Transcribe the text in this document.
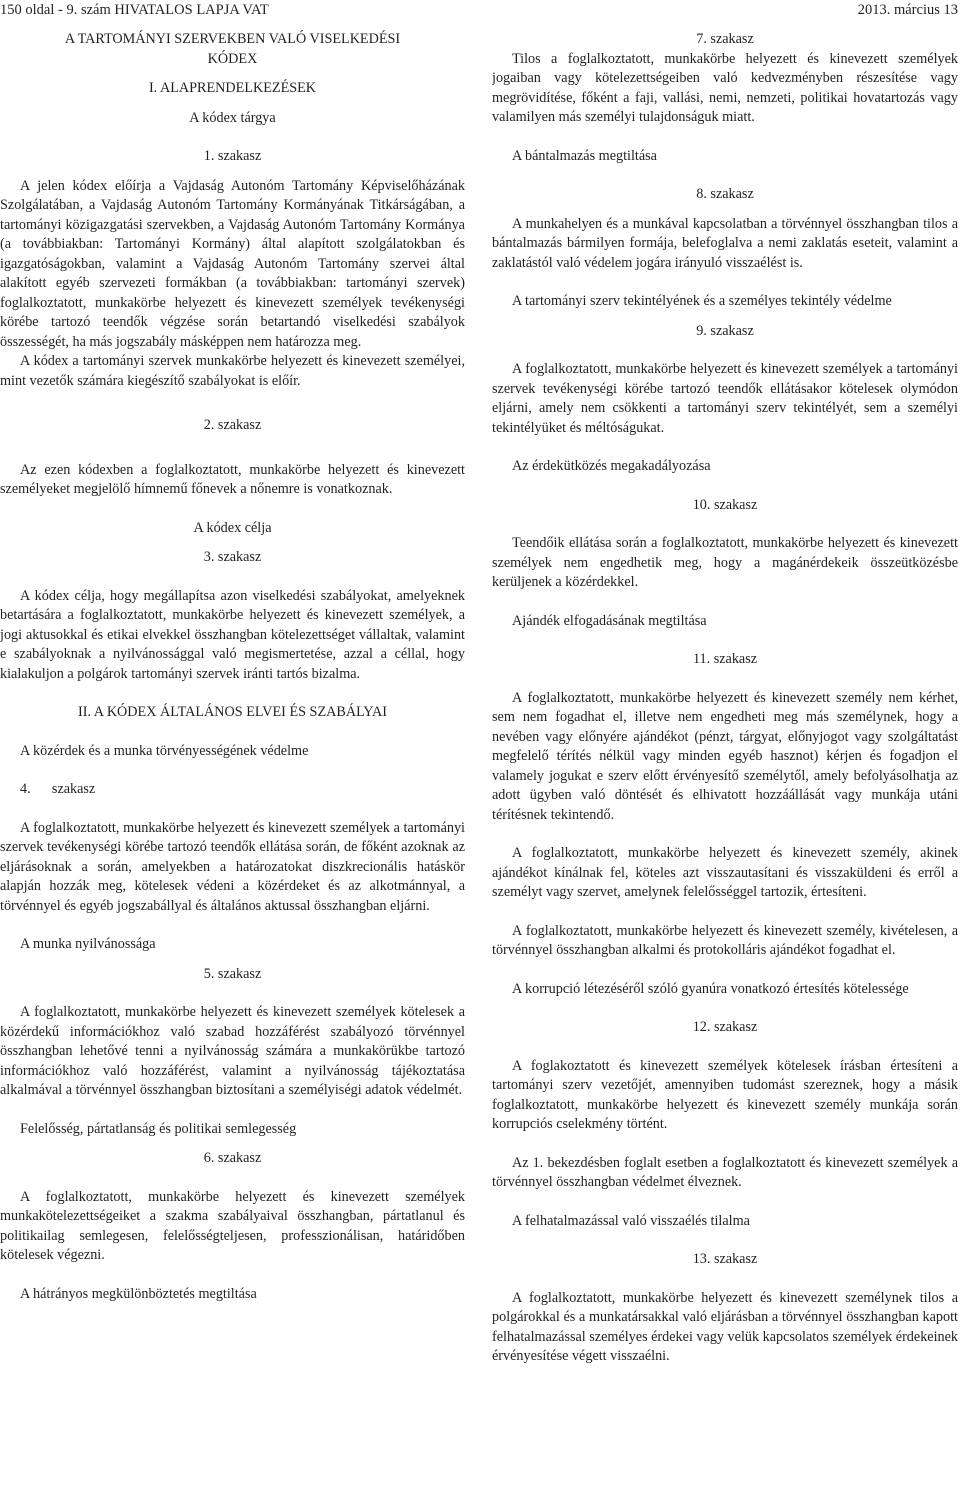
150 oldal - 9. szám HIVATALOS LAPJA VAT	2013. március 13
A TARTOMÁNYI SZERVEKBEN VALÓ VISELKEDÉSI
KÓDEX
I. ALAPRENDELKEZÉSEK
A kódex tárgya
1. szakasz

A jelen kódex előírja a Vajdaság Autonóm Tartomány Képviselőházának Szolgálatában, a Vajdaság Autonóm Tartomány Kormányának Titkárságában, a tartományi közigazgatási szervekben, a Vajdaság Autonóm Tartomány Kormánya (a továbbiakban: Tartományi Kormány) által alapított szolgálatokban és igazgatóságokban, valamint a Vajdaság Autonóm Tartomány szervei által alakított egyéb szervezeti formákban (a továbbiakban: tartományi szervek) foglalkoztatott, munkakörbe helyezett és kinevezett személyek tevékenységi körébe tartozó teendők végzése során betartandó viselkedési szabályok összességét, ha más jogszabály másképpen nem határozza meg.

A kódex a tartományi szervek munkakörbe helyezett és kinevezett személyei, mint vezetők számára kiegészítő szabályokat is előír.

2. szakasz

Az ezen kódexben a foglalkoztatott, munkakörbe helyezett és kinevezett személyeket megjelölő hímnemű főnevek a nőnemre is vonatkoznak.

A kódex célja
3. szakasz

A kódex célja, hogy megállapítsa azon viselkedési szabályokat, amelyeknek betartására a foglalkoztatott, munkakörbe helyezett és kinevezett személyek, a jogi aktusokkal és etikai elvekkel összhangban kötelezettséget vállaltak, valamint e szabályoknak a nyilvánossággal való megismertetése, azzal a céllal, hogy kialakuljon a polgárok tartományi szervek iránti tartós bizalma.

II. A KÓDEX ÁLTALÁNOS ELVEI ÉS SZABÁLYAI
A közérdek és a munka törvényességének védelme
4.      szakasz

A foglalkoztatott, munkakörbe helyezett és kinevezett személyek a tartományi szervek tevékenységi körébe tartozó teendők ellátása során, de főként azoknak az eljárásoknak a során, amelyekben a határozatokat diszkrecionális hatáskör alapján hozzák meg, kötelesek védeni a közérdeket és az alkotmánnyal, a törvénnyel és egyéb jogszabállyal és általános aktussal összhangban eljárni.

A munka nyilvánossága
5. szakasz

A foglalkoztatott, munkakörbe helyezett és kinevezett személyek kötelesek a közérdekű információkhoz való szabad hozzáférést szabályozó törvénnyel összhangban lehetővé tenni a nyilvánosság számára a munkakörükbe tartozó információkhoz való hozzáférést, valamint a nyilvánosság tájékoztatása alkalmával a törvénnyel összhangban biztosítani a személyiségi adatok védelmét.

Felelősség, pártatlanság és politikai semlegesség
6. szakasz

A foglalkoztatott, munkakörbe helyezett és kinevezett személyek munkakötelezettségeiket a szakma szabályaival összhangban, pártatlanul és politikailag semlegesen, felelősségteljesen, professzionálisan, határidőben kötelesek végezni.

A hátrányos megkülönböztetés megtiltása
7. szakasz

Tilos a foglalkoztatott, munkakörbe helyezett és kinevezett személyek jogaiban vagy kötelezettségeiben való kedvezményben részesítése vagy megrövidítése, főként a faji, vallási, nemi, nemzeti, politikai hovatartozás vagy valamilyen más személyi tulajdonságuk miatt.

A bántalmazás megtiltása
8. szakasz

A munkahelyen és a munkával kapcsolatban a törvénnyel összhangban tilos a bántalmazás bármilyen formája, belefoglalva a nemi zaklatás eseteit, valamint a zaklatástól való védelem jogára irányuló visszaélést is.

A tartományi szerv tekintélyének és a személyes tekintély védelme
9. szakasz

A foglalkoztatott, munkakörbe helyezett és kinevezett személyek a tartományi szervek tevékenységi körébe tartozó teendők ellátásakor kötelesek olymódon eljárni, amely nem csökkenti a tartományi szerv tekintélyét, sem a személyi tekintélyüket és méltóságukat.

Az érdekütközés megakadályozása
10. szakasz

Teendőik ellátása során a foglalkoztatott, munkakörbe helyezett és kinevezett személyek nem engedhetik meg, hogy a magánérdekeik összeütközésbe kerüljenek a közérdekkel.

Ajándék elfogadásának megtiltása
11. szakasz

A foglalkoztatott, munkakörbe helyezett és kinevezett személy nem kérhet, sem nem fogadhat el, illetve nem engedheti meg más személynek, hogy a nevében vagy előnyére ajándékot (pénzt, tárgyat, előnyjogot vagy szolgáltatást megfelelő térítés nélkül vagy minden egyéb hasznot) kérjen és fogadjon el valamely jogukat e szerv előtt érvényesítő személytől, amely befolyásolhatja az adott ügyben való döntését és elhivatott hozzáállását vagy munkája utáni térítésnek tekintendő.

A foglalkoztatott, munkakörbe helyezett és kinevezett személy, akinek ajándékot kínálnak fel, köteles azt visszautasítani és visszaküldeni és erről a személyt vagy szervet, amelynek felelősséggel tartozik, értesíteni.

A foglalkoztatott, munkakörbe helyezett és kinevezett személy, kivételesen, a törvénnyel összhangban alkalmi és protokolláris ajándékot fogadhat el.

A korrupció létezéséről szóló gyanúra vonatkozó értesítés kötelessége

12. szakasz

A foglakoztatott és kinevezett személyek kötelesek írásban értesíteni a tartományi szerv vezetőjét, amennyiben tudomást szereznek, hogy a másik foglalkoztatott, munkakörbe helyezett és kinevezett személy munkája során korrupciós cselekmény történt.

Az 1. bekezdésben foglalt esetben a foglalkoztatott és kinevezett személyek a törvénnyel összhangban védelmet élveznek.

A felhatalmazással való visszaélés tilalma
13. szakasz

A foglalkoztatott, munkakörbe helyezett és kinevezett személynek tilos a polgárokkal és a munkatársakkal való eljárásban a törvénnyel összhangban kapott felhatalmazással személyes érdekei vagy velük kapcsolatos személyek érdekeinek érvényesítése végett visszaélni.
